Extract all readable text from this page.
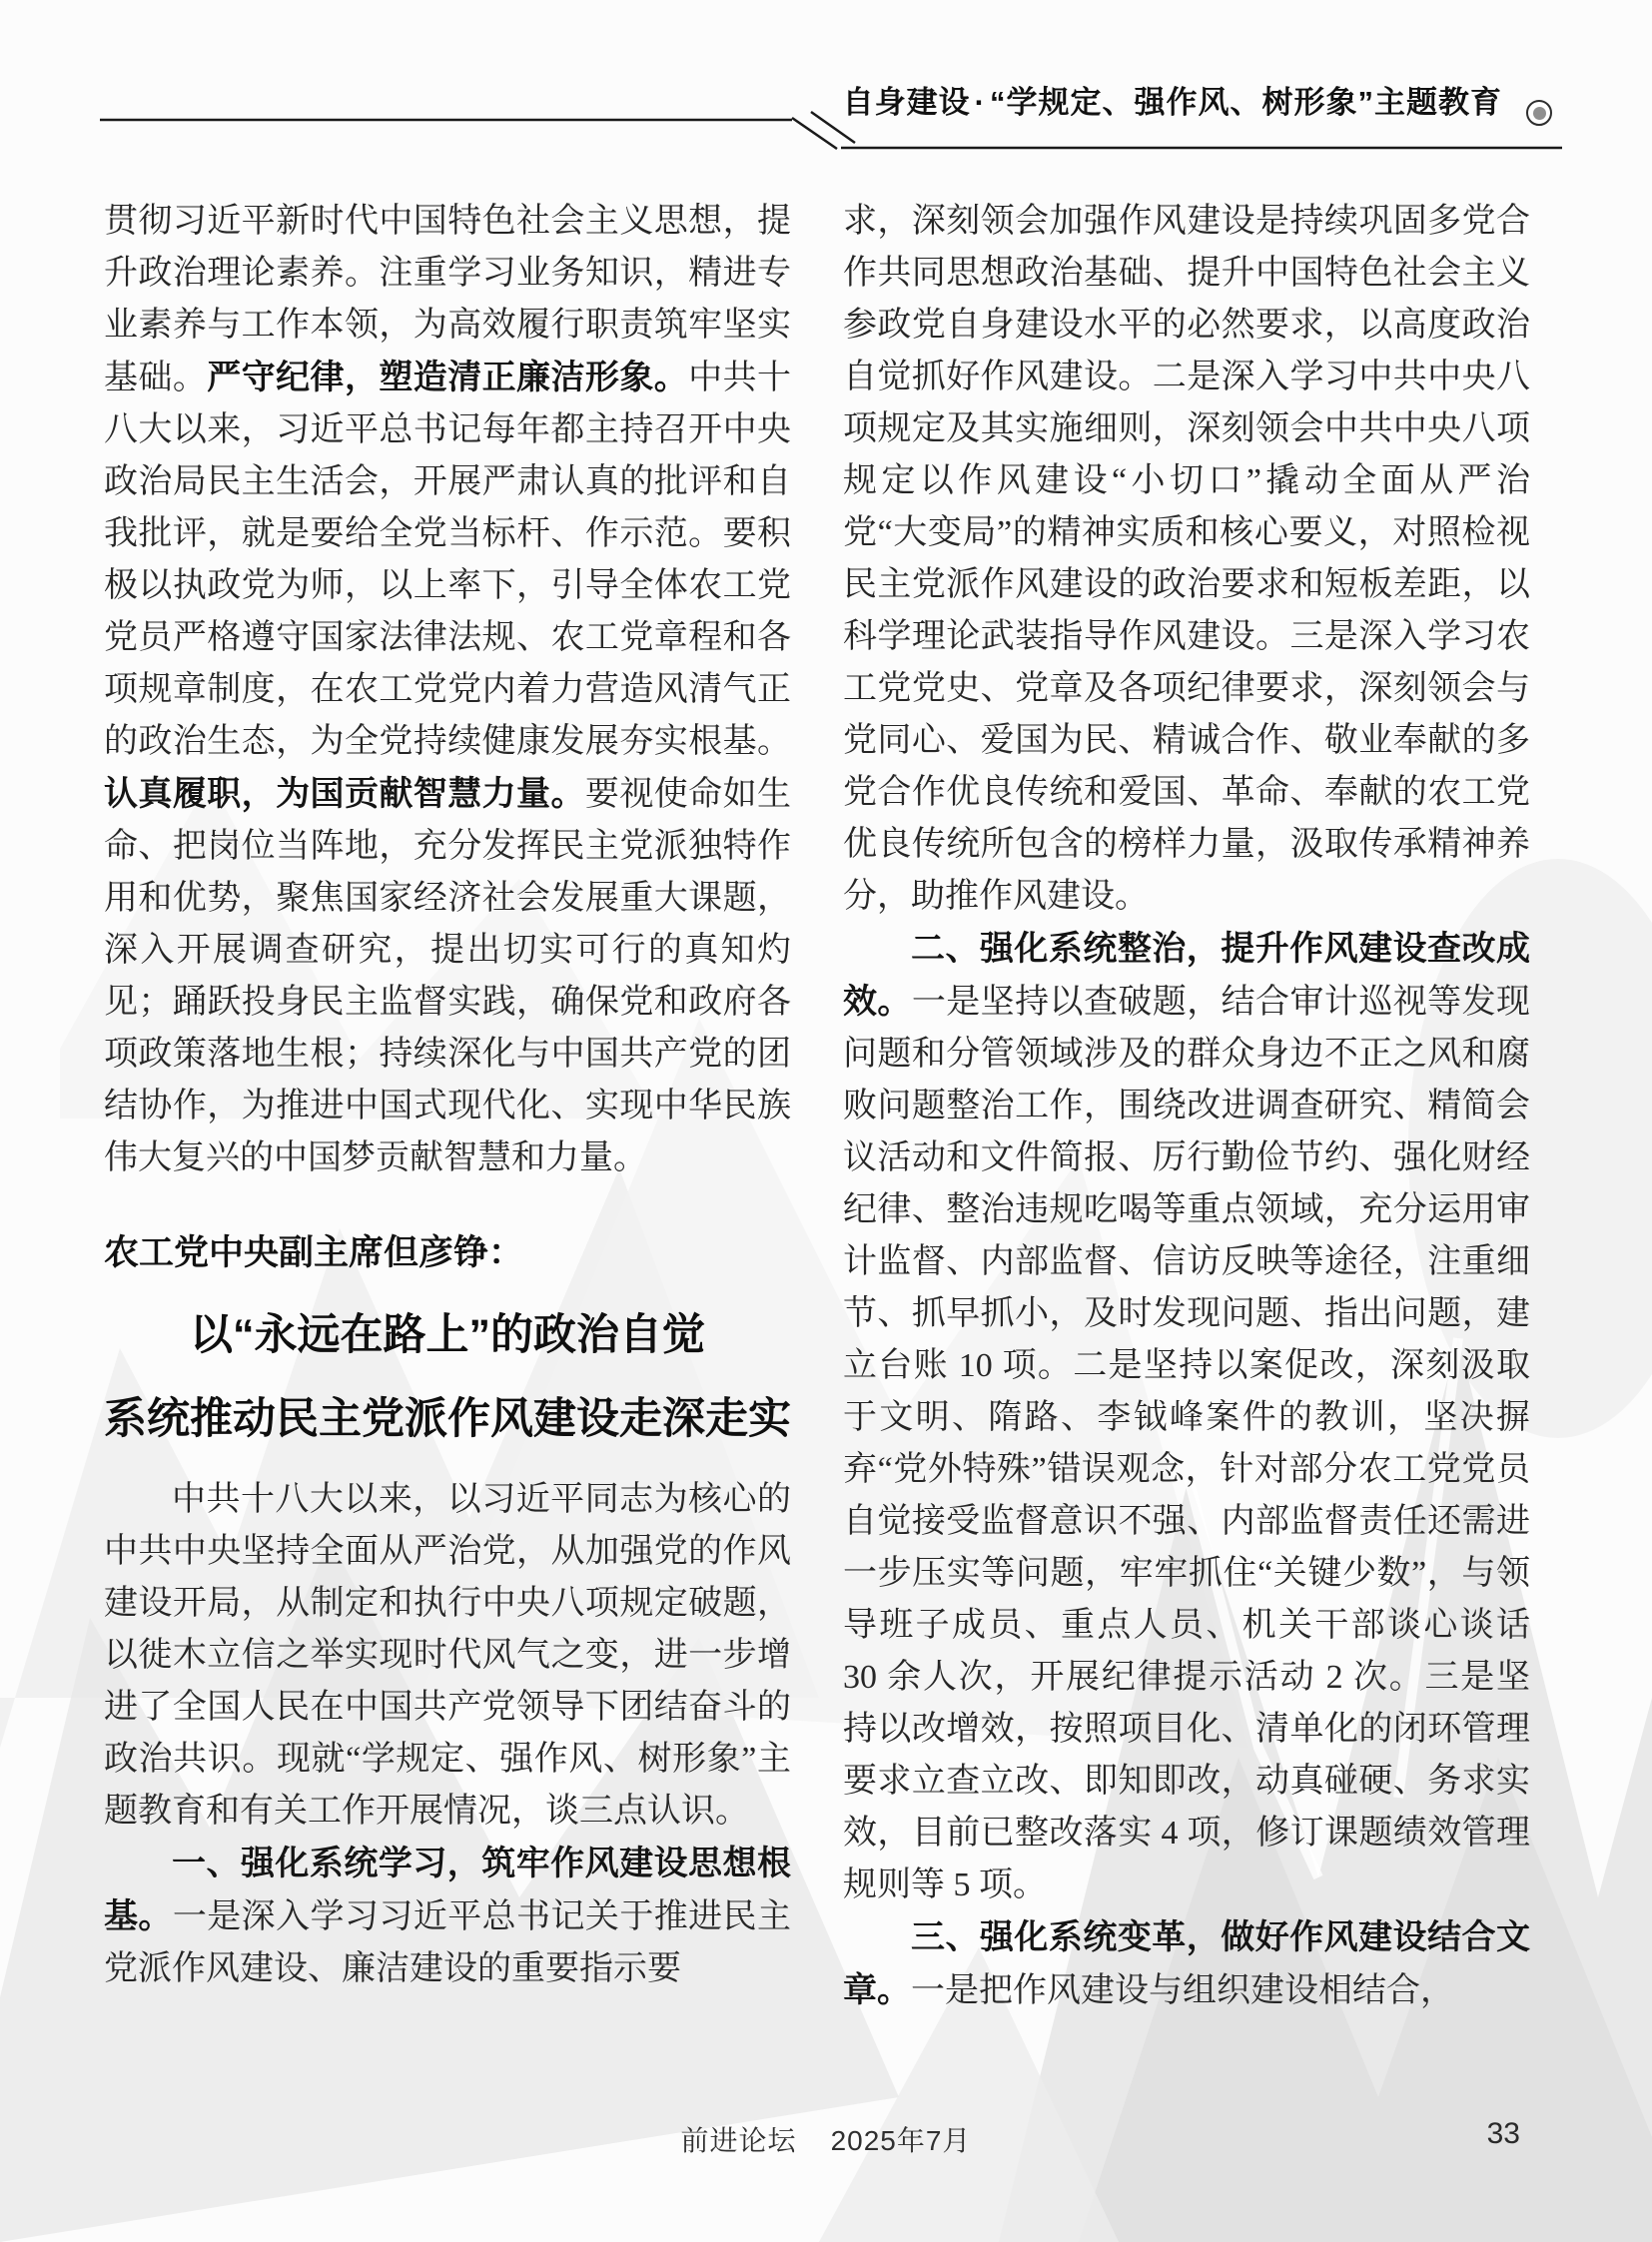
自身建设 · “学规定、强作风、树形象”主题教育

贯彻习近平新时代中国特色社会主义思想，提升政治理论素养。注重学习业务知识，精进专业素养与工作本领，为高效履行职责筑牢坚实基础。严守纪律，塑造清正廉洁形象。中共十八大以来，习近平总书记每年都主持召开中央政治局民主生活会，开展严肃认真的批评和自我批评，就是要给全党当标杆、作示范。要积极以执政党为师，以上率下，引导全体农工党党员严格遵守国家法律法规、农工党章程和各项规章制度，在农工党党内着力营造风清气正的政治生态，为全党持续健康发展夯实根基。认真履职，为国贡献智慧力量。要视使命如生命、把岗位当阵地，充分发挥民主党派独特作用和优势，聚焦国家经济社会发展重大课题，深入开展调查研究，提出切实可行的真知灼见；踊跃投身民主监督实践，确保党和政府各项政策落地生根；持续深化与中国共产党的团结协作，为推进中国式现代化、实现中华民族伟大复兴的中国梦贡献智慧和力量。

农工党中央副主席但彦铮：
以“永远在路上”的政治自觉
系统推动民主党派作风建设走深走实

中共十八大以来，以习近平同志为核心的中共中央坚持全面从严治党，从加强党的作风建设开局，从制定和执行中央八项规定破题，以徙木立信之举实现时代风气之变，进一步增进了全国人民在中国共产党领导下团结奋斗的政治共识。现就“学规定、强作风、树形象”主题教育和有关工作开展情况，谈三点认识。

一、强化系统学习，筑牢作风建设思想根基。一是深入学习习近平总书记关于推进民主党派作风建设、廉洁建设的重要指示要

求，深刻领会加强作风建设是持续巩固多党合作共同思想政治基础、提升中国特色社会主义参政党自身建设水平的必然要求，以高度政治自觉抓好作风建设。二是深入学习中共中央八项规定及其实施细则，深刻领会中共中央八项规定以作风建设“小切口”撬动全面从严治党“大变局”的精神实质和核心要义，对照检视民主党派作风建设的政治要求和短板差距，以科学理论武装指导作风建设。三是深入学习农工党党史、党章及各项纪律要求，深刻领会与党同心、爱国为民、精诚合作、敬业奉献的多党合作优良传统和爱国、革命、奉献的农工党优良传统所包含的榜样力量，汲取传承精神养分，助推作风建设。

二、强化系统整治，提升作风建设查改成效。一是坚持以查破题，结合审计巡视等发现问题和分管领域涉及的群众身边不正之风和腐败问题整治工作，围绕改进调查研究、精简会议活动和文件简报、厉行勤俭节约、强化财经纪律、整治违规吃喝等重点领域，充分运用审计监督、内部监督、信访反映等途径，注重细节、抓早抓小，及时发现问题、指出问题，建立台账 10 项。二是坚持以案促改，深刻汲取于文明、隋路、李钺峰案件的教训，坚决摒弃“党外特殊”错误观念，针对部分农工党党员自觉接受监督意识不强、内部监督责任还需进一步压实等问题，牢牢抓住“关键少数”，与领导班子成员、重点人员、机关干部谈心谈话 30 余人次，开展纪律提示活动 2 次。三是坚持以改增效，按照项目化、清单化的闭环管理要求立查立改、即知即改，动真碰硬、务求实效，目前已整改落实 4 项，修订课题绩效管理规则等 5 项。

三、强化系统变革，做好作风建设结合文章。一是把作风建设与组织建设相结合，

前进论坛 2025年7月	33
